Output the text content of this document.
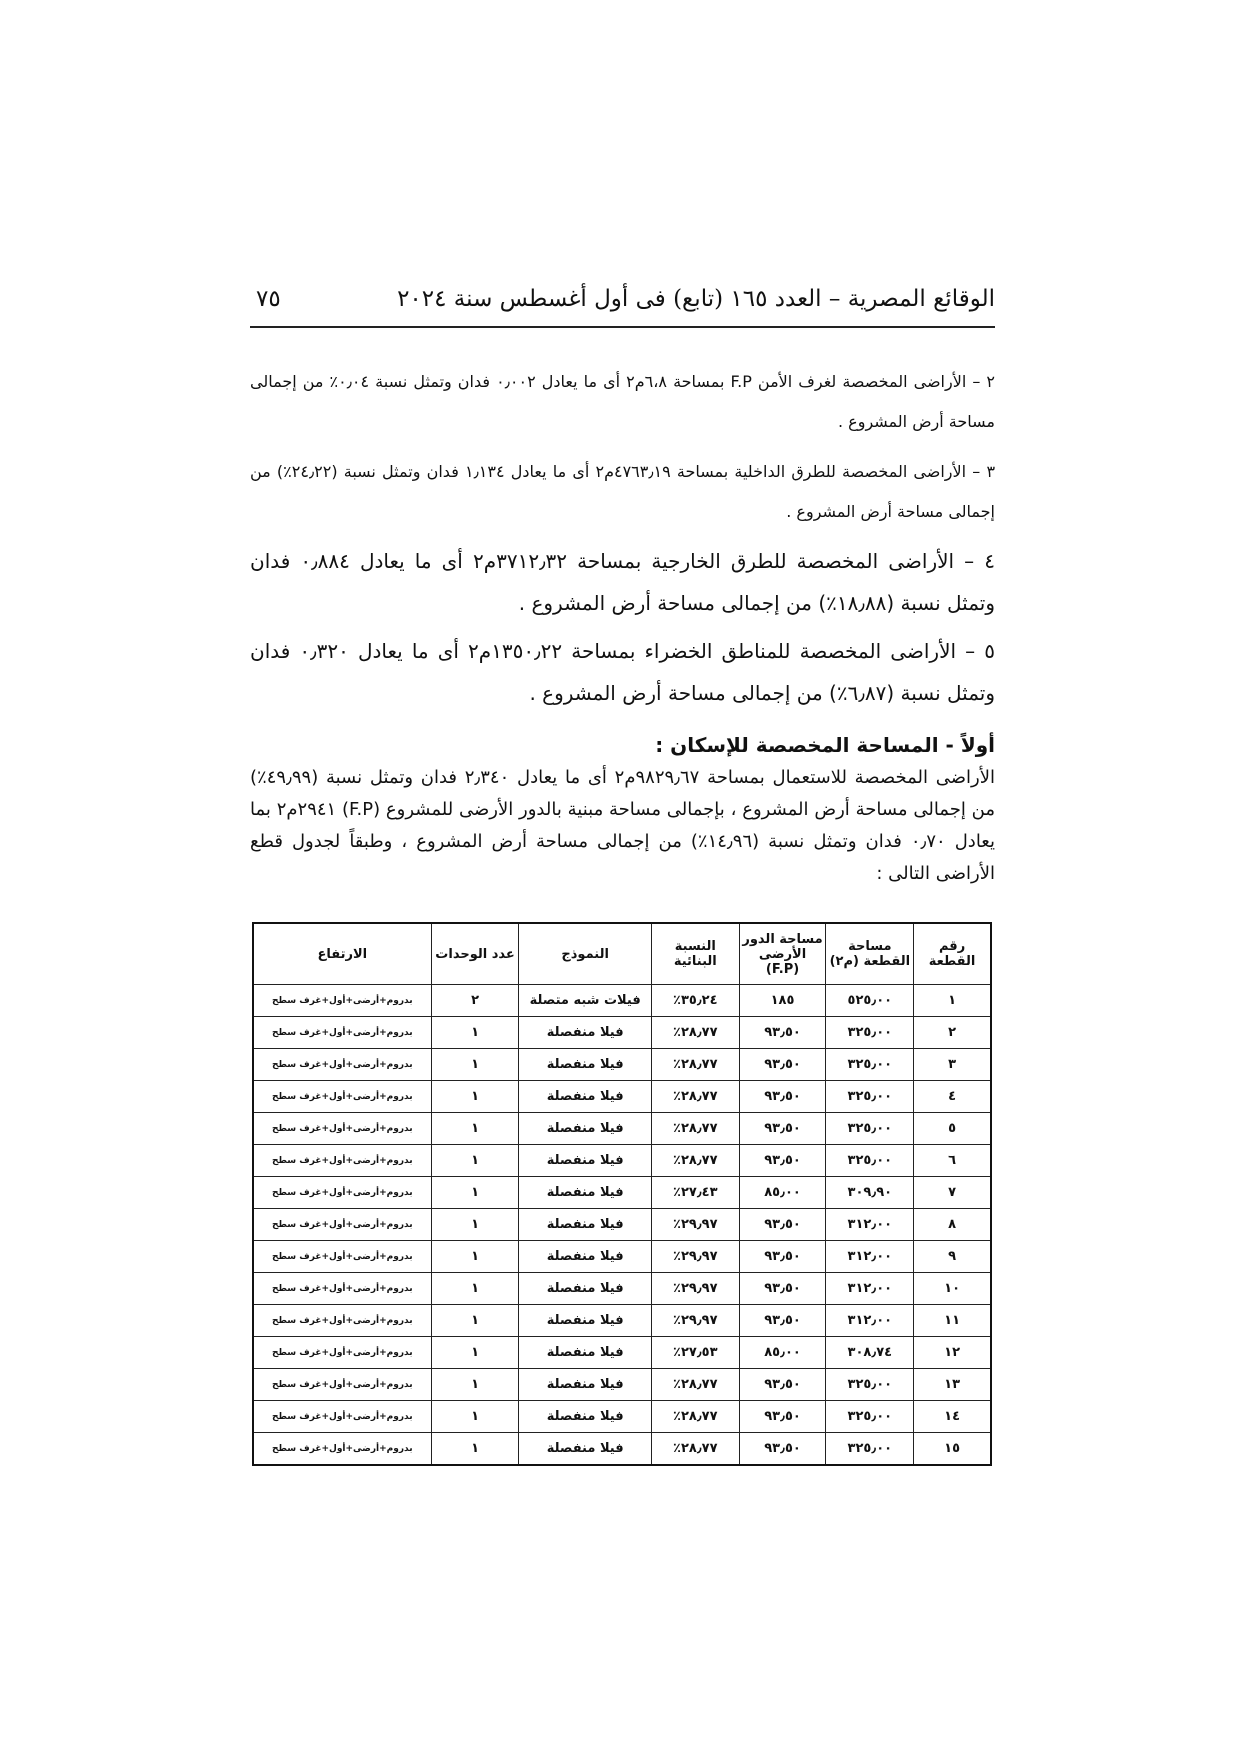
الوقائع المصرية – العدد ١٦٥ (تابع) فى أول أغسطس سنة ٢٠٢٤
٧٥

٢ – الأراضى المخصصة لغرف الأمن F.P بمساحة ٦،٨م٢ أى ما يعادل ٠٫٠٠٢ فدان وتمثل نسبة ٠٫٠٤٪ من إجمالى مساحة أرض المشروع .

٣ – الأراضى المخصصة للطرق الداخلية بمساحة ٤٧٦٣٫١٩م٢ أى ما يعادل ١٫١٣٤ فدان وتمثل نسبة (٢٤٫٢٢٪) من إجمالى مساحة أرض المشروع .

٤ – الأراضى المخصصة للطرق الخارجية بمساحة ٣٧١٢٫٣٢م٢ أى ما يعادل ٠٫٨٨٤ فدان وتمثل نسبة (١٨٫٨٨٪) من إجمالى مساحة أرض المشروع .

٥ – الأراضى المخصصة للمناطق الخضراء بمساحة ١٣٥٠٫٢٢م٢ أى ما يعادل ٠٫٣٢٠ فدان وتمثل نسبة (٦٫٨٧٪) من إجمالى مساحة أرض المشروع .

أولاً - المساحة المخصصة للإسكان :

الأراضى المخصصة للاستعمال بمساحة ٩٨٢٩٫٦٧م٢ أى ما يعادل ٢٫٣٤٠ فدان وتمثل نسبة (٤٩٫٩٩٪) من إجمالى مساحة أرض المشروع ، بإجمالى مساحة مبنية بالدور الأرضى للمشروع (F.P) ٢٩٤١م٢ بما يعادل ٠٫٧٠ فدان وتمثل نسبة (١٤٫٩٦٪) من إجمالى مساحة أرض المشروع ، وطبقاً لجدول قطع الأراضى التالى :

رقم القطعة	مساحة القطعة (م٢)	مساحة الدور الأرضى (F.P)	النسبة البنائية	النموذج	عدد الوحدات	الارتفاع
١	٥٢٥٫٠٠	١٨٥	٣٥٫٢٤٪	فيلات شبه متصلة	٢	بدروم+أرضى+أول+غرف سطح
٢	٣٢٥٫٠٠	٩٣٫٥٠	٢٨٫٧٧٪	فيلا منفصلة	١	بدروم+أرضى+أول+غرف سطح
٣	٣٢٥٫٠٠	٩٣٫٥٠	٢٨٫٧٧٪	فيلا منفصلة	١	بدروم+أرضى+أول+غرف سطح
٤	٣٢٥٫٠٠	٩٣٫٥٠	٢٨٫٧٧٪	فيلا منفصلة	١	بدروم+أرضى+أول+غرف سطح
٥	٣٢٥٫٠٠	٩٣٫٥٠	٢٨٫٧٧٪	فيلا منفصلة	١	بدروم+أرضى+أول+غرف سطح
٦	٣٢٥٫٠٠	٩٣٫٥٠	٢٨٫٧٧٪	فيلا منفصلة	١	بدروم+أرضى+أول+غرف سطح
٧	٣٠٩٫٩٠	٨٥٫٠٠	٢٧٫٤٣٪	فيلا منفصلة	١	بدروم+أرضى+أول+غرف سطح
٨	٣١٢٫٠٠	٩٣٫٥٠	٢٩٫٩٧٪	فيلا منفصلة	١	بدروم+أرضى+أول+غرف سطح
٩	٣١٢٫٠٠	٩٣٫٥٠	٢٩٫٩٧٪	فيلا منفصلة	١	بدروم+أرضى+أول+غرف سطح
١٠	٣١٢٫٠٠	٩٣٫٥٠	٢٩٫٩٧٪	فيلا منفصلة	١	بدروم+أرضى+أول+غرف سطح
١١	٣١٢٫٠٠	٩٣٫٥٠	٢٩٫٩٧٪	فيلا منفصلة	١	بدروم+أرضى+أول+غرف سطح
١٢	٣٠٨٫٧٤	٨٥٫٠٠	٢٧٫٥٣٪	فيلا منفصلة	١	بدروم+أرضى+أول+غرف سطح
١٣	٣٢٥٫٠٠	٩٣٫٥٠	٢٨٫٧٧٪	فيلا منفصلة	١	بدروم+أرضى+أول+غرف سطح
١٤	٣٢٥٫٠٠	٩٣٫٥٠	٢٨٫٧٧٪	فيلا منفصلة	١	بدروم+أرضى+أول+غرف سطح
١٥	٣٢٥٫٠٠	٩٣٫٥٠	٢٨٫٧٧٪	فيلا منفصلة	١	بدروم+أرضى+أول+غرف سطح
